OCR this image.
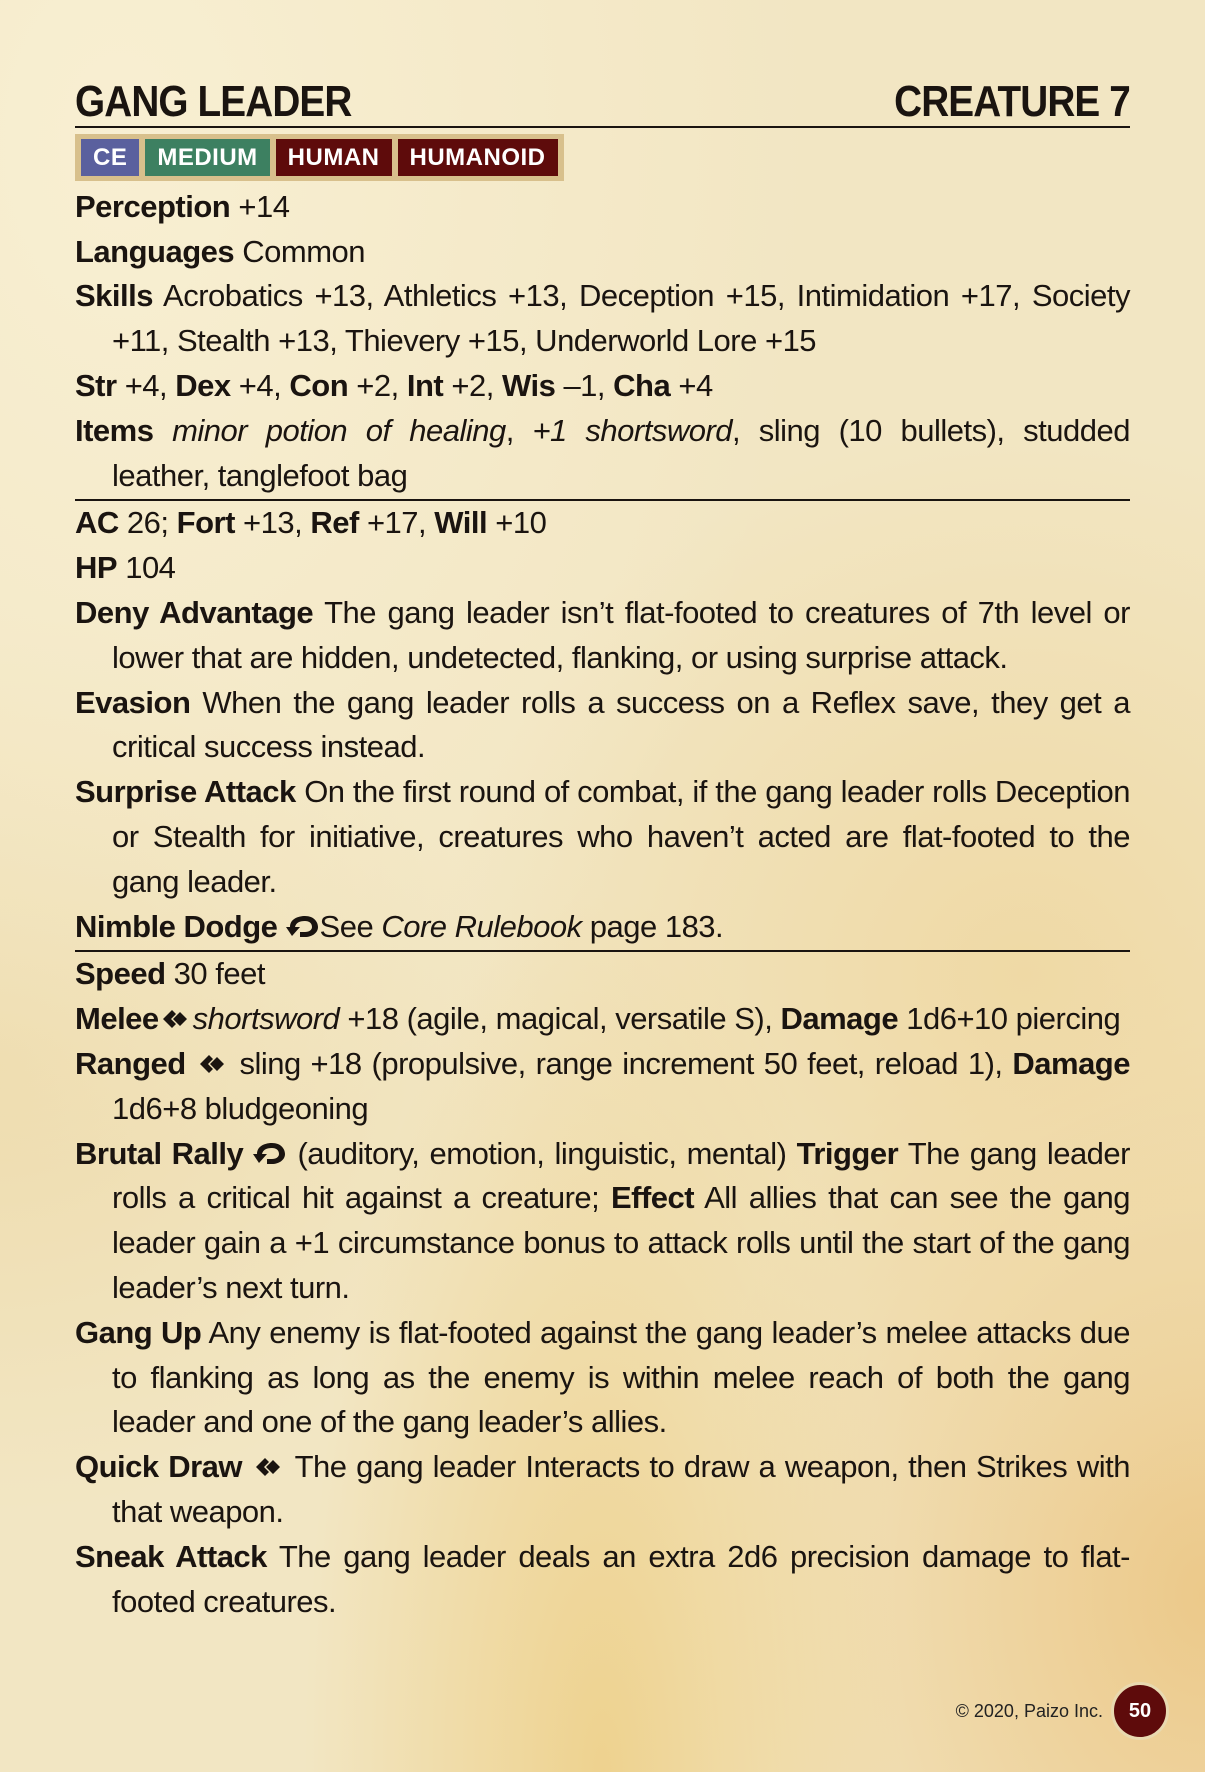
GANG LEADER	CREATURE 7
CE	MEDIUM	HUMAN	HUMANOID
Perception +14
Languages Common
Skills Acrobatics +13, Athletics +13, Deception +15, Intimidation +17, Society +11, Stealth +13, Thievery +15, Underworld Lore +15
Str +4, Dex +4, Con +2, Int +2, Wis –1, Cha +4
Items minor potion of healing, +1 shortsword, sling (10 bullets), studded leather, tanglefoot bag
AC 26; Fort +13, Ref +17, Will +10
HP 104
Deny Advantage The gang leader isn’t flat-footed to creatures of 7th level or lower that are hidden, undetected, flanking, or using surprise attack.
Evasion When the gang leader rolls a success on a Reflex save, they get a critical success instead.
Surprise Attack On the first round of combat, if the gang leader rolls Deception or Stealth for initiative, creatures who haven’t acted are flat-footed to the gang leader.
Nimble Dodge See Core Rulebook page 183.
Speed 30 feet
Melee shortsword +18 (agile, magical, versatile S), Damage 1d6+10 piercing
Ranged sling +18 (propulsive, range increment 50 feet, reload 1), Damage 1d6+8 bludgeoning
Brutal Rally (auditory, emotion, linguistic, mental) Trigger The gang leader rolls a critical hit against a creature; Effect All allies that can see the gang leader gain a +1 circumstance bonus to attack rolls until the start of the gang leader’s next turn.
Gang Up Any enemy is flat-footed against the gang leader’s melee attacks due to flanking as long as the enemy is within melee reach of both the gang leader and one of the gang leader’s allies.
Quick Draw The gang leader Interacts to draw a weapon, then Strikes with that weapon.
Sneak Attack The gang leader deals an extra 2d6 precision damage to flat-footed creatures.
© 2020, Paizo Inc.	50
